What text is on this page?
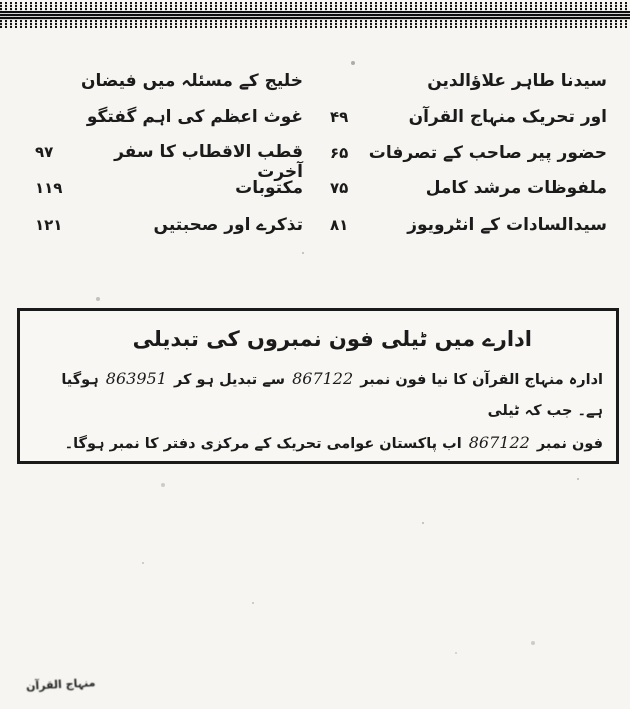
سیدنا طاہر علاؤالدین
۴۹	اور تحریک منہاج القرآن
۶۵	حضور پیر صاحب کے تصرفات
۷۵	ملفوظات مرشد کامل
۸۱	سیدالسادات کے انٹرویوز
خلیج کے مسئلہ میں فیضان
غوث اعظم کی اہم گفتگو
۹۷	قطب الاقطاب کا سفر آخرت
۱۱۹	مکتوبات
۱۲۱	تذکرے اور صحبتیں
ادارے میں ٹیلی فون نمبروں کی تبدیلی

ادارہ منہاج القرآن کا نیا فون نمبر 867122 سے تبدیل ہو کر 863951 ہوگیا ہے۔ جب کہ ٹیلی
فون نمبر 867122 اب پاکستان عوامی تحریک کے مرکزی دفتر کا نمبر ہوگا۔

منہاج القرآن
